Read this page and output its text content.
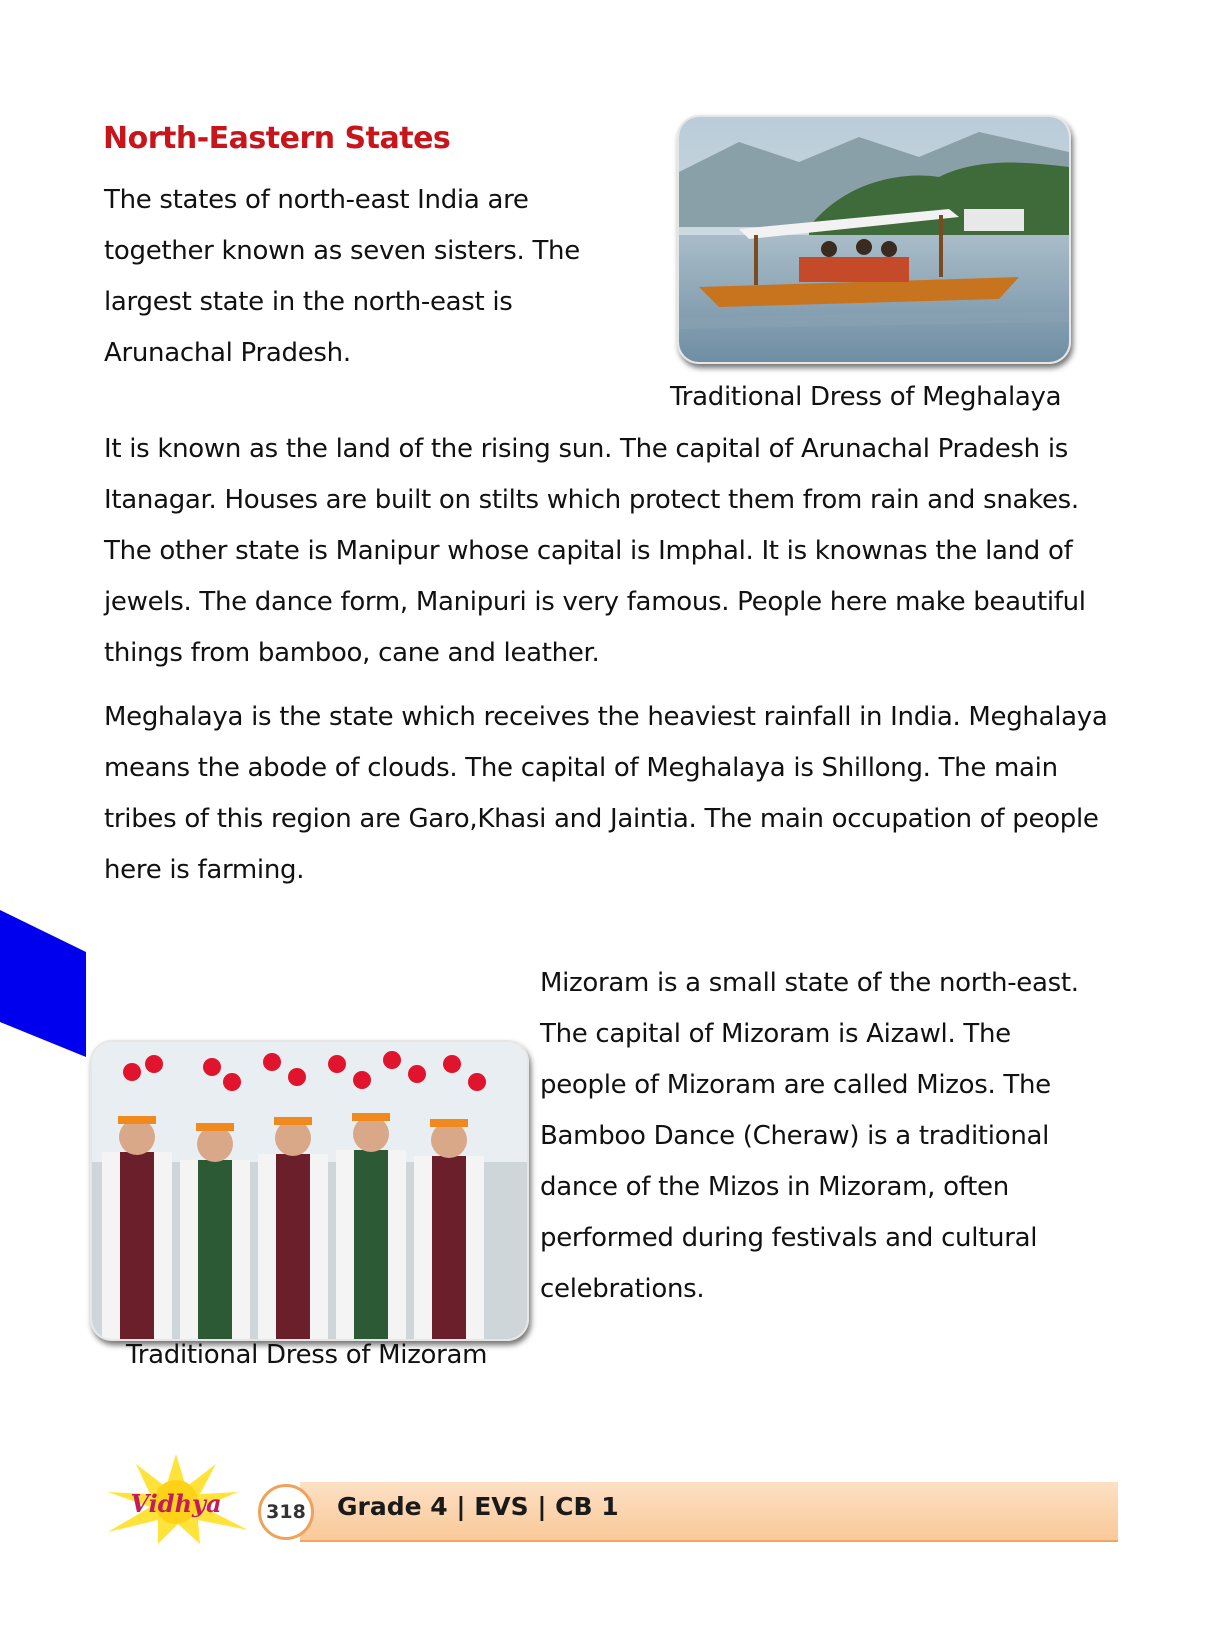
North-Eastern States

The states of north-east India are together known as seven sisters. The largest state in the north-east is Arunachal Pradesh.

Traditional Dress of Meghalaya

It is known as the land of the rising sun. The capital of Arunachal Pradesh is Itanagar. Houses are built on stilts which protect them from rain and snakes. The other state is Manipur whose capital is Imphal. It is knownas the land of jewels. The dance form, Manipuri is very famous. People here make beautiful things from bamboo, cane and leather.

Meghalaya is the state which receives the heaviest rainfall in India. Meghalaya means the abode of clouds. The capital of Meghalaya is Shillong. The main tribes of this region are Garo,Khasi and Jaintia. The main occupation of people here is farming.

Traditional Dress of Mizoram

Mizoram is a small state of the north-east. The capital of Mizoram is Aizawl. The people of Mizoram are called Mizos. The Bamboo Dance (Cheraw) is a traditional dance of the Mizos in Mizoram, often performed during festivals and cultural celebrations.

Vidhya	318	Grade 4 | EVS | CB 1
